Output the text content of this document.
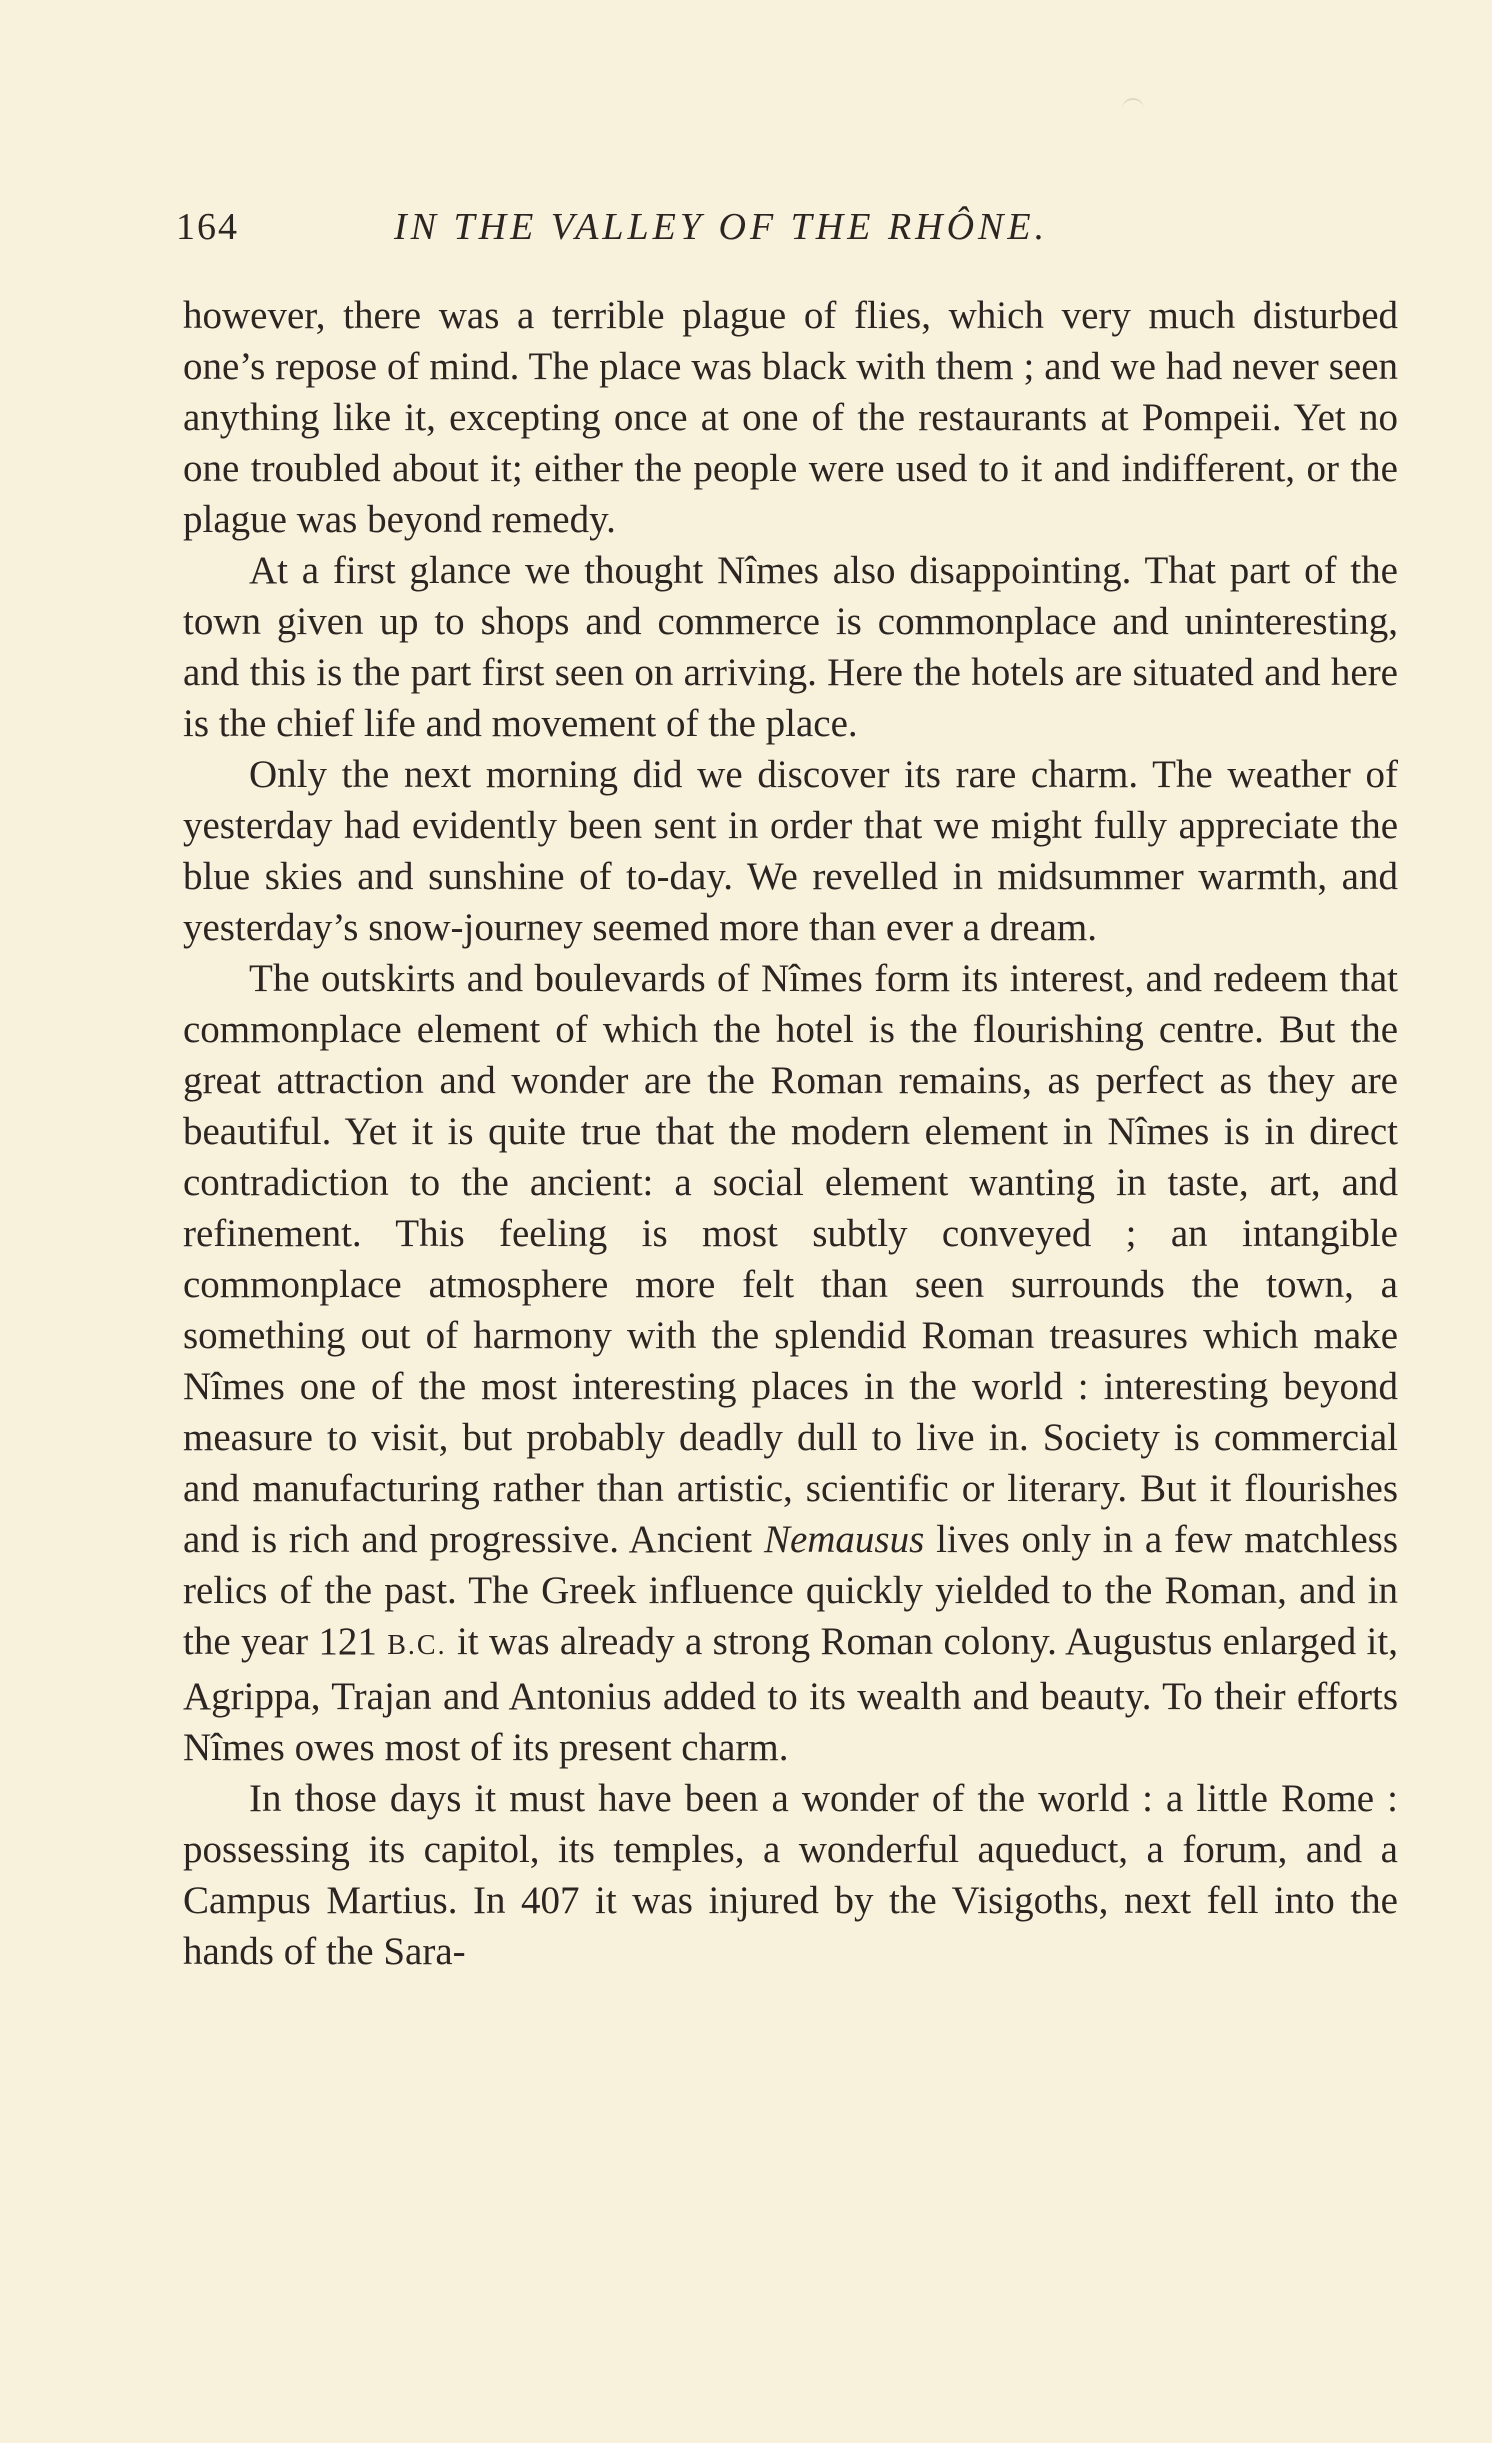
164	IN THE VALLEY OF THE RHÔNE.

however, there was a terrible plague of flies, which very much disturbed one’s repose of mind. The place was black with them ; and we had never seen anything like it, excepting once at one of the restaurants at Pompeii. Yet no one troubled about it; either the people were used to it and indifferent, or the plague was beyond remedy.

At a first glance we thought Nîmes also disappointing. That part of the town given up to shops and commerce is commonplace and uninteresting, and this is the part first seen on arriving. Here the hotels are situated and here is the chief life and movement of the place.

Only the next morning did we discover its rare charm. The weather of yesterday had evidently been sent in order that we might fully appreciate the blue skies and sunshine of to-day. We revelled in midsummer warmth, and yesterday’s snow-journey seemed more than ever a dream.

The outskirts and boulevards of Nîmes form its interest, and redeem that commonplace element of which the hotel is the flourishing centre. But the great attraction and wonder are the Roman remains, as perfect as they are beautiful. Yet it is quite true that the modern element in Nîmes is in direct contradiction to the ancient: a social element wanting in taste, art, and refinement. This feeling is most subtly conveyed ; an intangible commonplace atmosphere more felt than seen surrounds the town, a something out of harmony with the splendid Roman treasures which make Nîmes one of the most interesting places in the world : interesting beyond measure to visit, but probably deadly dull to live in. Society is commercial and manufacturing rather than artistic, scientific or literary. But it flourishes and is rich and progressive. Ancient Nemausus lives only in a few matchless relics of the past. The Greek influence quickly yielded to the Roman, and in the year 121 B.C. it was already a strong Roman colony. Augustus enlarged it, Agrippa, Trajan and Antonius added to its wealth and beauty. To their efforts Nîmes owes most of its present charm.

In those days it must have been a wonder of the world : a little Rome : possessing its capitol, its temples, a wonderful aqueduct, a forum, and a Campus Martius. In 407 it was injured by the Visigoths, next fell into the hands of the Sara-
